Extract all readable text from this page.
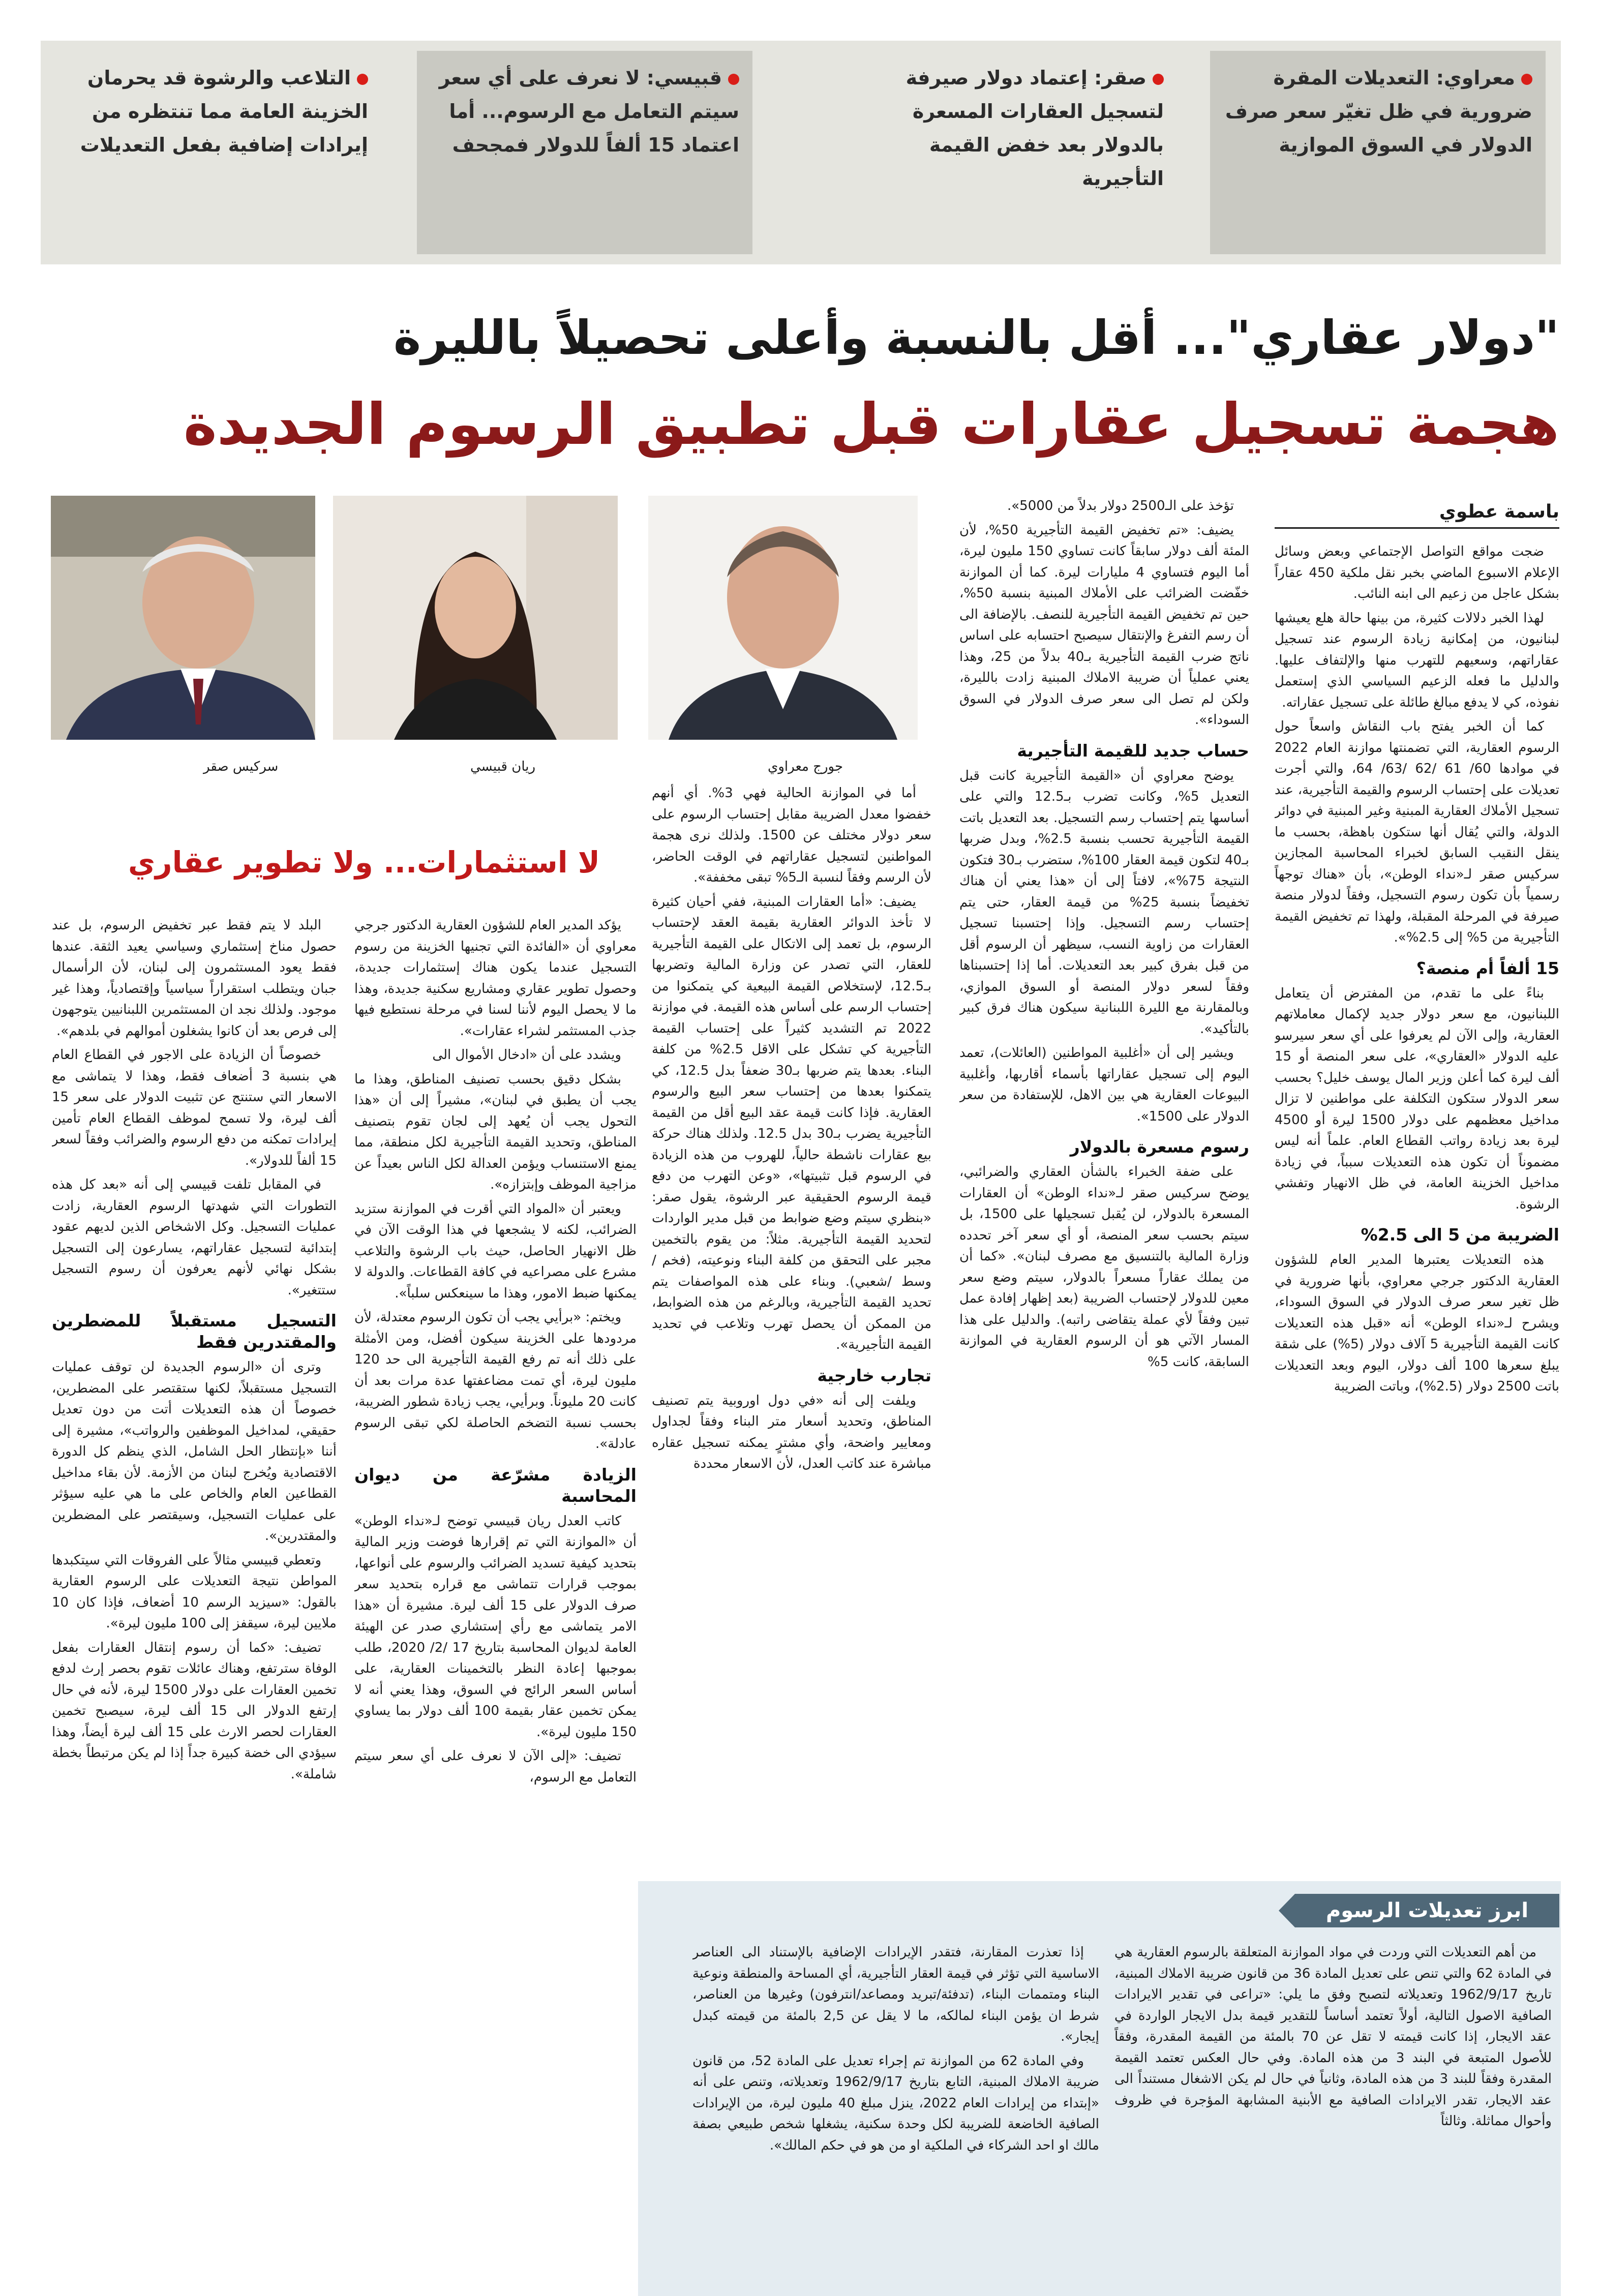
معراوي: التعديلات المقرة ضرورية في ظل تغيّر سعر صرف الدولار في السوق الموازية

صقر: إعتماد دولار صيرفة لتسجيل العقارات المسعرة بالدولار بعد خفض القيمة التأجيرية

قبيسي: لا نعرف على أي سعر سيتم التعامل مع الرسوم... أما اعتماد 15 ألفاً للدولار فمجحف

التلاعب والرشوة قد يحرمان الخزينة العامة مما تنتظره من إيرادات إضافية بفعل التعديلات

"دولار عقاري"... أقل بالنسبة وأعلى تحصيلاً بالليرة
هجمة تسجيل عقارات قبل تطبيق الرسوم الجديدة

باسمة عطوي

ضجت مواقع التواصل الإجتماعي وبعض وسائل الإعلام الاسبوع الماضي بخبر نقل ملكية 450 عقاراً بشكل عاجل من زعيم الى ابنه النائب.

لهذا الخبر دلالات كثيرة، من بينها حالة هلع يعيشها لبنانيون، من إمكانية زيادة الرسوم عند تسجيل عقاراتهم، وسعيهم للتهرب منها والإلتفاف عليها. والدليل ما فعله الزعيم السياسي الذي إستعمل نفوذه، كي لا يدفع مبالغ طائلة على تسجيل عقاراته.

كما أن الخبر يفتح باب النقاش واسعاً حول الرسوم العقارية، التي تضمنتها موازنة العام 2022 في موادها 60/ 61 /62 /63/ 64، والتي أجرت تعديلات على إحتساب الرسوم والقيمة التأجيرية، عند تسجيل الأملاك العقارية المبنية وغير المبنية في دوائر الدولة، والتي يُقال أنها ستكون باهظة، بحسب ما ينقل النقيب السابق لخبراء المحاسبة المجازين سركيس صقر لـ«نداء الوطن»، بأن «هناك توجهاً رسمياً بأن تكون رسوم التسجيل، وفقاً لدولار منصة صيرفة في المرحلة المقبلة، ولهذا تم تخفيض القيمة التأجيرية من 5% إلى 2.5%».

15 ألفاً أم منصة؟

بناءً على ما تقدم، من المفترض أن يتعامل اللبنانيون، مع سعر دولار جديد لإكمال معاملاتهم العقارية، وإلى الآن لم يعرفوا على أي سعر سيرسو عليه الدولار «العقاري»، على سعر المنصة أو 15 ألف ليرة كما أعلن وزير المال يوسف خليل؟ بحسب سعر الدولار ستكون التكلفة على مواطنين لا تزال مداخيل معظمهم على دولار 1500 ليرة أو 4500 ليرة بعد زيادة رواتب القطاع العام. علماً أنه ليس مضموناً أن تكون هذه التعديلات سبباً، في زيادة مداخيل الخزينة العامة، في ظل الانهيار وتفشي الرشوة.

الضريبة من 5 الى 2.5%

هذه التعديلات يعتبرها المدير العام للشؤون العقارية الدكتور جرجي معراوي، بأنها ضرورية في ظل تغير سعر صرف الدولار في السوق السوداء، ويشرح لـ«نداء الوطن» أنه «قبل هذه التعديلات كانت القيمة التأجيرية 5 آلاف دولار (5%) على شقة يبلغ سعرها 100 ألف دولار، اليوم وبعد التعديلات باتت 2500 دولار (2.5%)، وباتت الضريبة

تؤخذ على الـ2500 دولار بدلاً من 5000».

يضيف: «تم تخفيض القيمة التأجيرية 50%، لأن المئة ألف دولار سابقاً كانت تساوي 150 مليون ليرة، أما اليوم فتساوي 4 مليارات ليرة. كما أن الموازنة خفّضت الضرائب على الأملاك المبنية بنسبة 50%، حين تم تخفيض القيمة التأجيرية للنصف. بالإضافة الى أن رسم التفرغ والإنتقال سيصبح احتسابه على اساس ناتج ضرب القيمة التأجيرية بـ40 بدلاً من 25، وهذا يعني عملياً أن ضريبة الاملاك المبنية زادت بالليرة، ولكن لم تصل الى سعر صرف الدولار في السوق السوداء».

حساب جديد للقيمة التأجيرية

يوضح معراوي أن «القيمة التأجيرية كانت قبل التعديل 5%، وكانت تضرب بـ12.5 والتي على أساسها يتم إحتساب رسم التسجيل. بعد التعديل باتت القيمة التأجيرية تحسب بنسبة 2.5%، وبدل ضربها بـ40 لتكون قيمة العقار 100%، ستضرب بـ30 فتكون النتيجة 75%»، لافتاً إلى أن «هذا يعني أن هناك تخفيضاً بنسبة 25% من قيمة العقار، حتى يتم إحتساب رسم التسجيل. وإذا إحتسبنا تسجيل العقارات من زاوية النسب، سيظهر أن الرسوم أقل من قبل بفرق كبير بعد التعديلات. أما إذا إحتسبناها وفقاً لسعر دولار المنصة أو السوق الموازي، وبالمقارنة مع الليرة اللبنانية سيكون هناك فرق كبير بالتأكيد».

ويشير إلى أن «أغلبية المواطنين (العائلات)، تعمد اليوم إلى تسجيل عقاراتها بأسماء أقاربها، وأغلبية البيوعات العقارية هي بين الاهل، للإستفادة من سعر الدولار على 1500».

رسوم مسعرة بالدولار

على ضفة الخبراء بالشأن العقاري والضرائبي، يوضح سركيس صقر لـ«نداء الوطن» أن العقارات المسعرة بالدولار، لن يُقبل تسجيلها على 1500، بل سيتم بحسب سعر المنصة، أو أي سعر آخر تحدده وزارة المالية بالتنسيق مع مصرف لبنان». «كما أن من يملك عقاراً مسعراً بالدولار، سيتم وضع سعر معين للدولار لإحتساب الضريبة (بعد إظهار إفادة عمل تبين وفقاً لأي عملة يتقاضى راتبه). والدليل على هذا المسار الآتي هو أن الرسوم العقارية في الموازنة السابقة، كانت 5%

جورج معراوي
ريان قبيسي
سركيس صقر

أما في الموازنة الحالية فهي 3%. أي أنهم خفضوا معدل الضريبة مقابل إحتساب الرسوم على سعر دولار مختلف عن 1500. ولذلك نرى هجمة المواطنين لتسجيل عقاراتهم في الوقت الحاضر، لأن الرسم وفقاً لنسبة الـ5% تبقى مخففة».

يضيف: «أما العقارات المبنية، ففي أحيان كثيرة لا تأخذ الدوائر العقارية بقيمة العقد لإحتساب الرسوم، بل تعمد إلى الاتكال على القيمة التأجيرية للعقار، التي تصدر عن وزارة المالية وتضربها بـ12.5، لإستخلاص القيمة البيعية كي يتمكنوا من إحتساب الرسم على أساس هذه القيمة. في موازنة 2022 تم التشديد كثيراً على إحتساب القيمة التأجيرية كي تشكل على الاقل 2.5% من كلفة البناء. بعدها يتم ضربها بـ30 ضعفاً بدل 12.5، كي يتمكنوا بعدها من إحتساب سعر البيع والرسوم العقارية. فإذا كانت قيمة عقد البيع أقل من القيمة التأجيرية يضرب بـ30 بدل 12.5. ولذلك هناك حركة بيع عقارات ناشطة حالياً، للهروب من هذه الزيادة في الرسوم قبل تثبيتها»، «وعن التهرب من دفع قيمة الرسوم الحقيقية عبر الرشوة، يقول صقر: «بنظري سيتم وضع ضوابط من قبل مدير الواردات لتحديد القيمة التأجيرية. مثلاً: من يقوم بالتخمين مجبر على التحقق من كلفة البناء ونوعيته، (فخم /وسط /شعبي). وبناء على هذه المواصفات يتم تحديد القيمة التأجيرية، وبالرغم من هذه الضوابط، من الممكن أن يحصل تهرب وتلاعب في تحديد القيمة التأجيرية».

تجارب خارجية

ويلفت إلى أنه «في دول اوروبية يتم تصنيف المناطق، وتحديد أسعار متر البناء وفقاً لجداول ومعايير واضحة، وأي مشترٍ يمكنه تسجيل عقاره مباشرة عند كاتب العدل، لأن الاسعار محددة

لا استثمارات... ولا تطوير عقاري

يؤكد المدير العام للشؤون العقارية الدكتور جرجي معراوي أن «الفائدة التي تجنيها الخزينة من رسوم التسجيل عندما يكون هناك إستثمارات جديدة، وحصول تطوير عقاري ومشاريع سكنية جديدة، وهذا ما لا يحصل اليوم لأننا لسنا في مرحلة نستطيع فيها جذب المستثمر لشراء عقارات».

ويشدد على أن «ادخال الأموال الى

بشكل دقيق بحسب تصنيف المناطق، وهذا ما يجب أن يطبق في لبنان»، مشيراً إلى أن «هذا التحول يجب أن يُعهد إلى لجان تقوم بتصنيف المناطق، وتحديد القيمة التأجيرية لكل منطقة، مما يمنع الاستنساب ويؤمن العدالة لكل الناس بعيداً عن مزاجية الموظف وإبتزازه».

ويعتبر أن «المواد التي أقرت في الموازنة ستزيد الضرائب، لكنه لا يشجعها في هذا الوقت الآن في ظل الانهيار الحاصل، حيث باب الرشوة والتلاعب مشرع على مصراعيه في كافة القطاعات. والدولة لا يمكنها ضبط الامور، وهذا ما سينعكس سلباً».

ويختم: «برأيي يجب أن تكون الرسوم معتدلة، لأن مردودها على الخزينة سيكون أفضل، ومن الأمثلة على ذلك أنه تم رفع القيمة التأجيرية الى حد 120 مليون ليرة، أي تمت مضاعفتها عدة مرات بعد أن كانت 20 مليوناً. وبرأيي، يجب زيادة شطور الضريبة، بحسب نسبة التضخم الحاصلة لكي تبقى الرسوم عادلة».

الزيادة مشرّعة من ديوان المحاسبة

كاتب العدل ريان قبيسي توضح لـ«نداء الوطن» أن «الموازنة التي تم إقرارها فوضت وزير المالية بتحديد كيفية تسديد الضرائب والرسوم على أنواعها، بموجب قرارات تتماشى مع قراره بتحديد سعر صرف الدولار على 15 ألف ليرة. مشيرة أن «هذا الامر يتماشى مع رأي إستشاري صدر عن الهيئة العامة لديوان المحاسبة بتاريخ 17 /2/ 2020، طلب بموجبها إعادة النظر بالتخمينات العقارية، على أساس السعر الرائج في السوق، وهذا يعني أنه لا يمكن تخمين عقار بقيمة 100 ألف دولار بما يساوي 150 مليون ليرة».

تضيف: «إلى الآن لا نعرف على أي سعر سيتم التعامل مع الرسوم،

البلد لا يتم فقط عبر تخفيض الرسوم، بل عند حصول مناخ إستثماري وسياسي يعيد الثقة. عندها فقط يعود المستثمرون إلى لبنان، لأن الرأسمال جبان ويتطلب استقراراً سياسياً وإقتصادياً، وهذا غير موجود. ولذلك نجد ان المستثمرين اللبنانيين يتوجهون إلى فرص بعد أن كانوا يشغلون أموالهم في بلدهم».

خصوصاً أن الزيادة على الاجور في القطاع العام هي بنسبة 3 أضعاف فقط، وهذا لا يتماشى مع الاسعار التي ستنتج عن تثبيت الدولار على سعر 15 ألف ليرة، ولا تسمح لموظف القطاع العام تأمين إيرادات تمكنه من دفع الرسوم والضرائب وفقاً لسعر 15 ألفاً للدولار».

في المقابل تلفت قبيسي إلى أنه «بعد كل هذه التطورات التي شهدتها الرسوم العقارية، زادت عمليات التسجيل. وكل الاشخاص الذين لديهم عقود إبتدائية لتسجيل عقاراتهم، يسارعون إلى التسجيل بشكل نهائي لأنهم يعرفون أن رسوم التسجيل ستتغير».

التسجيل مستقبلاً للمضطرين والمقتدرين فقط

وترى أن «الرسوم الجديدة لن توقف عمليات التسجيل مستقبلاً، لكنها ستقتصر على المضطرين، خصوصاً أن هذه التعديلات أتت من دون تعديل حقيقي، لمداخيل الموظفين والرواتب»، مشيرة إلى أننا «بإنتظار الحل الشامل، الذي ينظم كل الدورة الاقتصادية ويُخرج لبنان من الأزمة. لأن بقاء مداخيل القطاعين العام والخاص على ما هي عليه سيؤثر على عمليات التسجيل، وسيقتصر على المضطرين والمقتدرين».

وتعطي قبيسي مثالاً على الفروقات التي سيتكبدها المواطن نتيجة التعديلات على الرسوم العقارية بالقول: «سيزيد الرسم 10 أضعاف، فإذا كان 10 ملايين ليرة، سيقفز إلى 100 مليون ليرة».

تضيف: «كما أن رسوم إنتقال العقارات بفعل الوفاة سترتفع، وهناك عائلات تقوم بحصر إرث لدفع تخمين العقارات على دولار 1500 ليرة، لأنه في حال إرتفع الدولار الى 15 ألف ليرة، سيصبح تخمين العقارات لحصر الارث على 15 ألف ليرة أيضاً، وهذا سيؤدي الى خضة كبيرة جداً إذا لم يكن مرتبطاً بخطة شاملة».

ابرز تعديلات الرسوم

من أهم التعديلات التي وردت في مواد الموازنة المتعلقة بالرسوم العقارية هي في المادة 62 والتي تنص على تعديل المادة 36 من قانون ضريبة الاملاك المبنية، تاريخ 1962/9/17 وتعديلاته لتصبح وفق ما يلي: «تراعى في تقدير الايرادات الصافية الاصول التالية، أولاً تعتمد أساساً للتقدير قيمة بدل الايجار الواردة في عقد الايجار، إذا كانت قيمته لا تقل عن 70 بالمئة من القيمة المقدرة، وفقاً للأصول المتبعة في البند 3 من هذه المادة. وفي حال العكس تعتمد القيمة المقدرة وفقاً للبند 3 من هذه المادة، وثانياً في حال لم يكن الاشغال مستنداً الى عقد الايجار، تقدر الايرادات الصافية مع الأبنية المشابهة المؤجرة في ظروف وأحوال مماثلة. وثالثاً

إذا تعذرت المقارنة، فتقدر الإيرادات الإضافية بالإستناد الى العناصر الاساسية التي تؤثر في قيمة العقار التأجيرية، أي المساحة والمنطقة ونوعية البناء ومتممات البناء، (تدفئة/تبريد ومصاعد/انترفون) وغيرها من العناصر، شرط ان يؤمن البناء لمالكه، ما لا يقل عن 2,5 بالمئة من قيمته كبدل إيجار».

وفي المادة 62 من الموازنة تم إجراء تعديل على المادة 52، من قانون ضريبة الاملاك المبنية، التابع بتاريخ 1962/9/17 وتعديلاته، وتنص على أنه «إبتداء من إيرادات العام 2022، ينزل مبلغ 40 مليون ليرة، من الإيرادات الصافية الخاضعة للضريبة لكل وحدة سكنية، يشغلها شخص طبيعي بصفة مالك او احد الشركاء في الملكية او من هو في حكم المالك».
